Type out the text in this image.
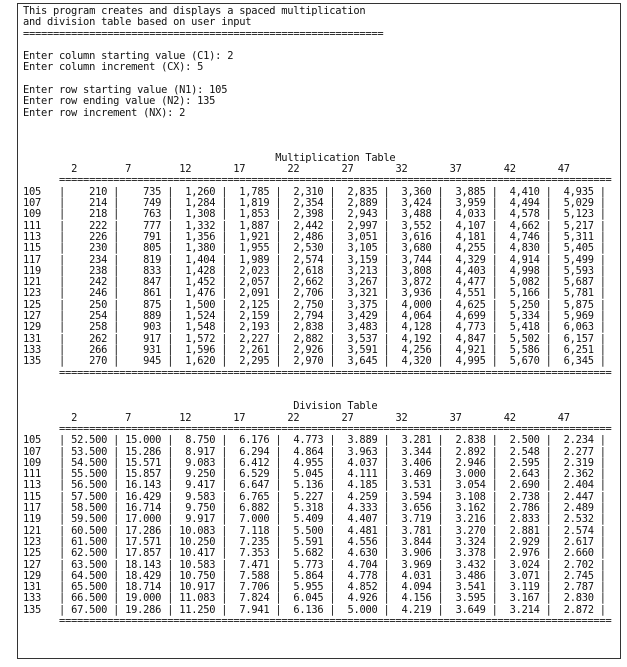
This program creates and displays a spaced multiplication
and division table based on user input
============================================================

Enter column starting value (C1): 2
Enter column increment (CX): 5

Enter row starting value (N1): 105
Enter row ending value (N2): 135
Enter row increment (NX): 2

Multiplication Table
2	7	12	17	22	27	32	37	42	47
============================================================================================
105   | 210 | 735 | 1,260 | 1,785 | 2,310 | 2,835 | 3,360 | 3,885 | 4,410 | 4,935 |
107   | 214 | 749 | 1,284 | 1,819 | 2,354 | 2,889 | 3,424 | 3,959 | 4,494 | 5,029 |
109   | 218 | 763 | 1,308 | 1,853 | 2,398 | 2,943 | 3,488 | 4,033 | 4,578 | 5,123 |
111   | 222 | 777 | 1,332 | 1,887 | 2,442 | 2,997 | 3,552 | 4,107 | 4,662 | 5,217 |
113   | 226 | 791 | 1,356 | 1,921 | 2,486 | 3,051 | 3,616 | 4,181 | 4,746 | 5,311 |
115   | 230 | 805 | 1,380 | 1,955 | 2,530 | 3,105 | 3,680 | 4,255 | 4,830 | 5,405 |
117   | 234 | 819 | 1,404 | 1,989 | 2,574 | 3,159 | 3,744 | 4,329 | 4,914 | 5,499 |
119   | 238 | 833 | 1,428 | 2,023 | 2,618 | 3,213 | 3,808 | 4,403 | 4,998 | 5,593 |
121   | 242 | 847 | 1,452 | 2,057 | 2,662 | 3,267 | 3,872 | 4,477 | 5,082 | 5,687 |
123   | 246 | 861 | 1,476 | 2,091 | 2,706 | 3,321 | 3,936 | 4,551 | 5,166 | 5,781 |
125   | 250 | 875 | 1,500 | 2,125 | 2,750 | 3,375 | 4,000 | 4,625 | 5,250 | 5,875 |
127   | 254 | 889 | 1,524 | 2,159 | 2,794 | 3,429 | 4,064 | 4,699 | 5,334 | 5,969 |
129   | 258 | 903 | 1,548 | 2,193 | 2,838 | 3,483 | 4,128 | 4,773 | 5,418 | 6,063 |
131   | 262 | 917 | 1,572 | 2,227 | 2,882 | 3,537 | 4,192 | 4,847 | 5,502 | 6,157 |
133   | 266 | 931 | 1,596 | 2,261 | 2,926 | 3,591 | 4,256 | 4,921 | 5,586 | 6,251 |
135   | 270 | 945 | 1,620 | 2,295 | 2,970 | 3,645 | 4,320 | 4,995 | 5,670 | 6,345 |
============================================================================================

Division Table
2	7	12	17	22	27	32	37	42	47
============================================================================================
105   | 52.500 | 15.000 | 8.750 | 6.176 | 4.773 | 3.889 | 3.281 | 2.838 | 2.500 | 2.234 |
107   | 53.500 | 15.286 | 8.917 | 6.294 | 4.864 | 3.963 | 3.344 | 2.892 | 2.548 | 2.277 |
109   | 54.500 | 15.571 | 9.083 | 6.412 | 4.955 | 4.037 | 3.406 | 2.946 | 2.595 | 2.319 |
111   | 55.500 | 15.857 | 9.250 | 6.529 | 5.045 | 4.111 | 3.469 | 3.000 | 2.643 | 2.362 |
113   | 56.500 | 16.143 | 9.417 | 6.647 | 5.136 | 4.185 | 3.531 | 3.054 | 2.690 | 2.404 |
115   | 57.500 | 16.429 | 9.583 | 6.765 | 5.227 | 4.259 | 3.594 | 3.108 | 2.738 | 2.447 |
117   | 58.500 | 16.714 | 9.750 | 6.882 | 5.318 | 4.333 | 3.656 | 3.162 | 2.786 | 2.489 |
119   | 59.500 | 17.000 | 9.917 | 7.000 | 5.409 | 4.407 | 3.719 | 3.216 | 2.833 | 2.532 |
121   | 60.500 | 17.286 | 10.083 | 7.118 | 5.500 | 4.481 | 3.781 | 3.270 | 2.881 | 2.574 |
123   | 61.500 | 17.571 | 10.250 | 7.235 | 5.591 | 4.556 | 3.844 | 3.324 | 2.929 | 2.617 |
125   | 62.500 | 17.857 | 10.417 | 7.353 | 5.682 | 4.630 | 3.906 | 3.378 | 2.976 | 2.660 |
127   | 63.500 | 18.143 | 10.583 | 7.471 | 5.773 | 4.704 | 3.969 | 3.432 | 3.024 | 2.702 |
129   | 64.500 | 18.429 | 10.750 | 7.588 | 5.864 | 4.778 | 4.031 | 3.486 | 3.071 | 2.745 |
131   | 65.500 | 18.714 | 10.917 | 7.706 | 5.955 | 4.852 | 4.094 | 3.541 | 3.119 | 2.787 |
133   | 66.500 | 19.000 | 11.083 | 7.824 | 6.045 | 4.926 | 4.156 | 3.595 | 3.167 | 2.830 |
135   | 67.500 | 19.286 | 11.250 | 7.941 | 6.136 | 5.000 | 4.219 | 3.649 | 3.214 | 2.872 |
============================================================================================
